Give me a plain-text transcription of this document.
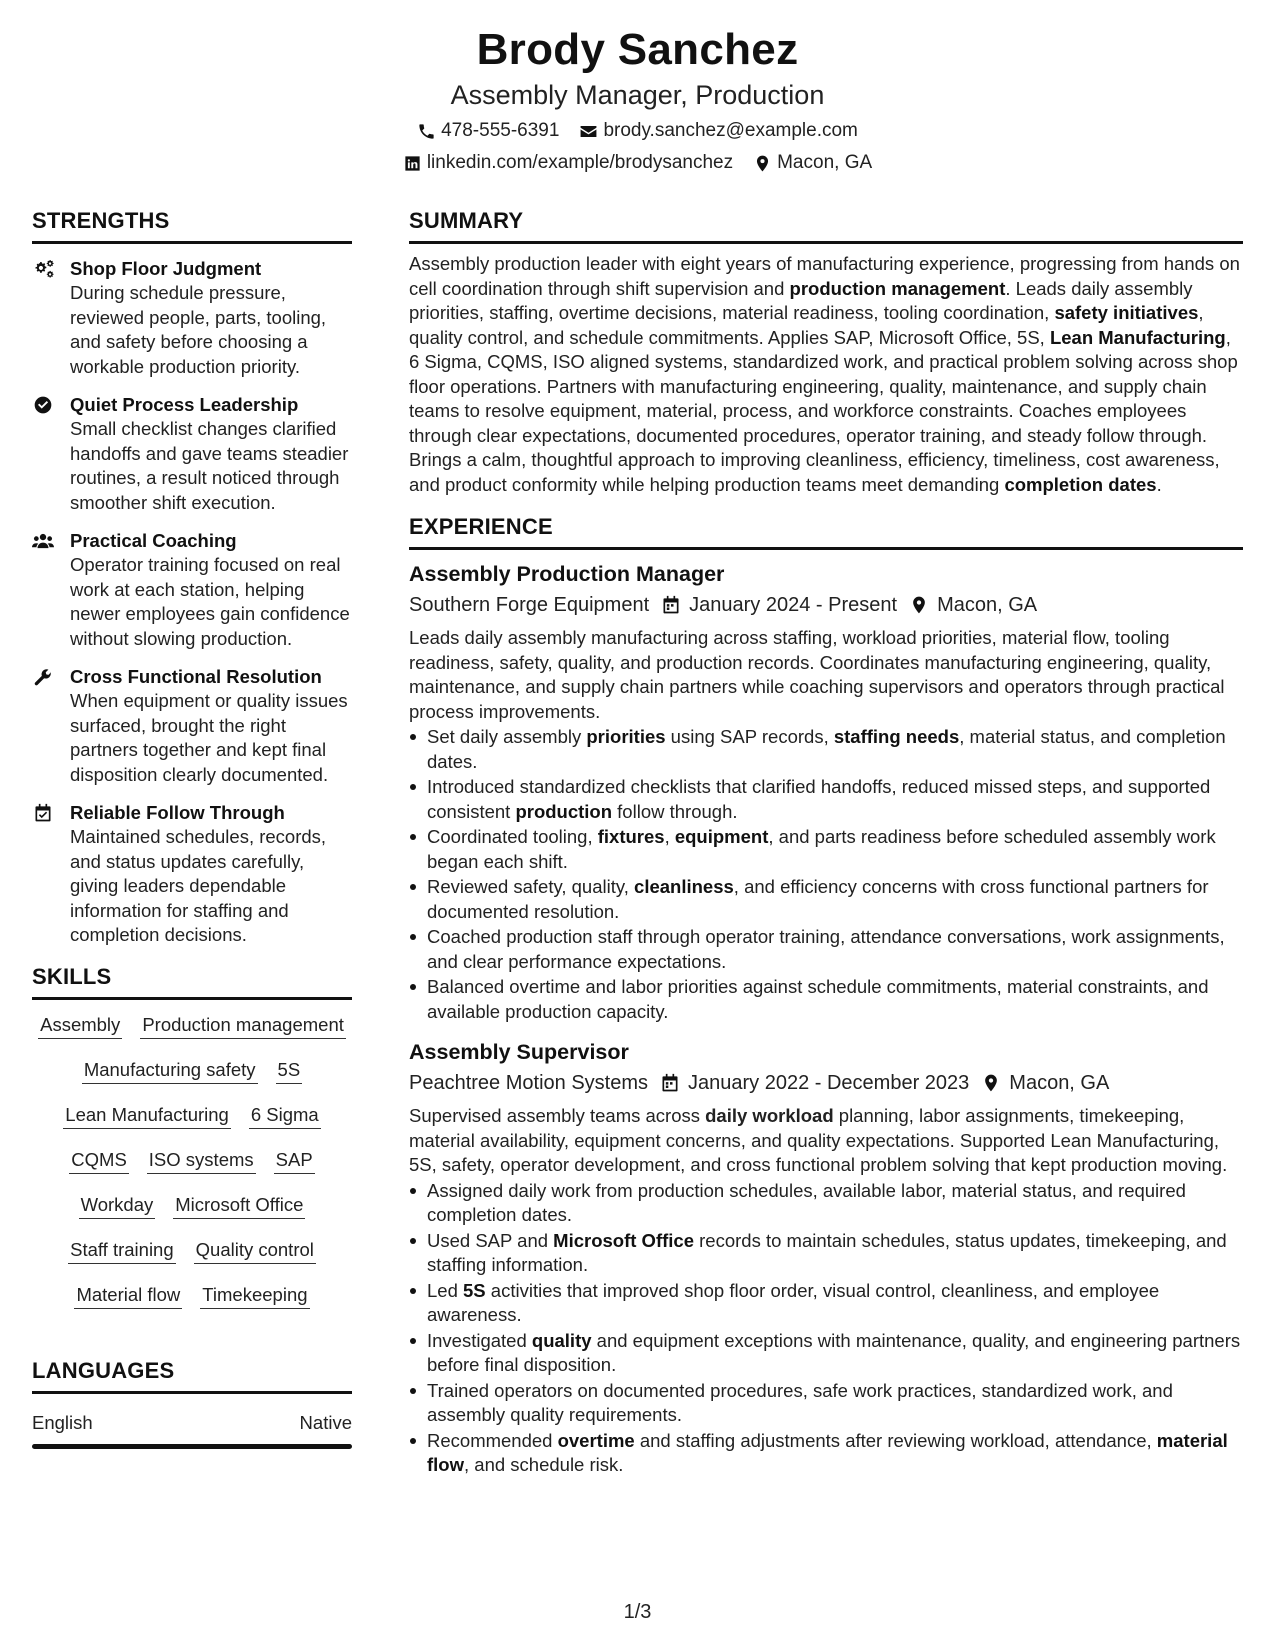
Brody Sanchez
Assembly Manager, Production
478-555-6391 brody.sanchez@example.com
linkedin.com/example/brodysanchez Macon, GA
STRENGTHS
Shop Floor Judgment
During schedule pressure, reviewed people, parts, tooling, and safety before choosing a workable production priority.
Quiet Process Leadership
Small checklist changes clarified handoffs and gave teams steadier routines, a result noticed through smoother shift execution.
Practical Coaching
Operator training focused on real work at each station, helping newer employees gain confidence without slowing production.
Cross Functional Resolution
When equipment or quality issues surfaced, brought the right partners together and kept final disposition clearly documented.
Reliable Follow Through
Maintained schedules, records, and status updates carefully, giving leaders dependable information for staffing and completion decisions.
SKILLS
Assembly Production management
Manufacturing safety 5S
Lean Manufacturing 6 Sigma
CQMS ISO systems SAP
Workday Microsoft Office
Staff training Quality control
Material flow Timekeeping
LANGUAGES
English	Native
SUMMARY

Assembly production leader with eight years of manufacturing experience, progressing from hands on cell coordination through shift supervision and production management. Leads daily assembly priorities, staffing, overtime decisions, material readiness, tooling coordination, safety initiatives, quality control, and schedule commitments. Applies SAP, Microsoft Office, 5S, Lean Manufacturing, 6 Sigma, CQMS, ISO aligned systems, standardized work, and practical problem solving across shop floor operations. Partners with manufacturing engineering, quality, maintenance, and supply chain teams to resolve equipment, material, process, and workforce constraints. Coaches employees through clear expectations, documented procedures, operator training, and steady follow through. Brings a calm, thoughtful approach to improving cleanliness, efficiency, timeliness, cost awareness, and product conformity while helping production teams meet demanding completion dates.

EXPERIENCE
Assembly Production Manager
Southern Forge Equipment January 2024 - Present Macon, GA

Leads daily assembly manufacturing across staffing, workload priorities, material flow, tooling readiness, safety, quality, and production records. Coordinates manufacturing engineering, quality, maintenance, and supply chain partners while coaching supervisors and operators through practical process improvements.

Set daily assembly priorities using SAP records, staffing needs, material status, and completion dates.
Introduced standardized checklists that clarified handoffs, reduced missed steps, and supported consistent production follow through.
Coordinated tooling, fixtures, equipment, and parts readiness before scheduled assembly work began each shift.
Reviewed safety, quality, cleanliness, and efficiency concerns with cross functional partners for documented resolution.
Coached production staff through operator training, attendance conversations, work assignments, and clear performance expectations.
Balanced overtime and labor priorities against schedule commitments, material constraints, and available production capacity.
Assembly Supervisor
Peachtree Motion Systems January 2022 - December 2023 Macon, GA

Supervised assembly teams across daily workload planning, labor assignments, timekeeping, material availability, equipment concerns, and quality expectations. Supported Lean Manufacturing, 5S, safety, operator development, and cross functional problem solving that kept production moving.

Assigned daily work from production schedules, available labor, material status, and required completion dates.
Used SAP and Microsoft Office records to maintain schedules, status updates, timekeeping, and staffing information.
Led 5S activities that improved shop floor order, visual control, cleanliness, and employee awareness.
Investigated quality and equipment exceptions with maintenance, quality, and engineering partners before final disposition.
Trained operators on documented procedures, safe work practices, standardized work, and assembly quality requirements.
Recommended overtime and staffing adjustments after reviewing workload, attendance, material flow, and schedule risk.
1/3
